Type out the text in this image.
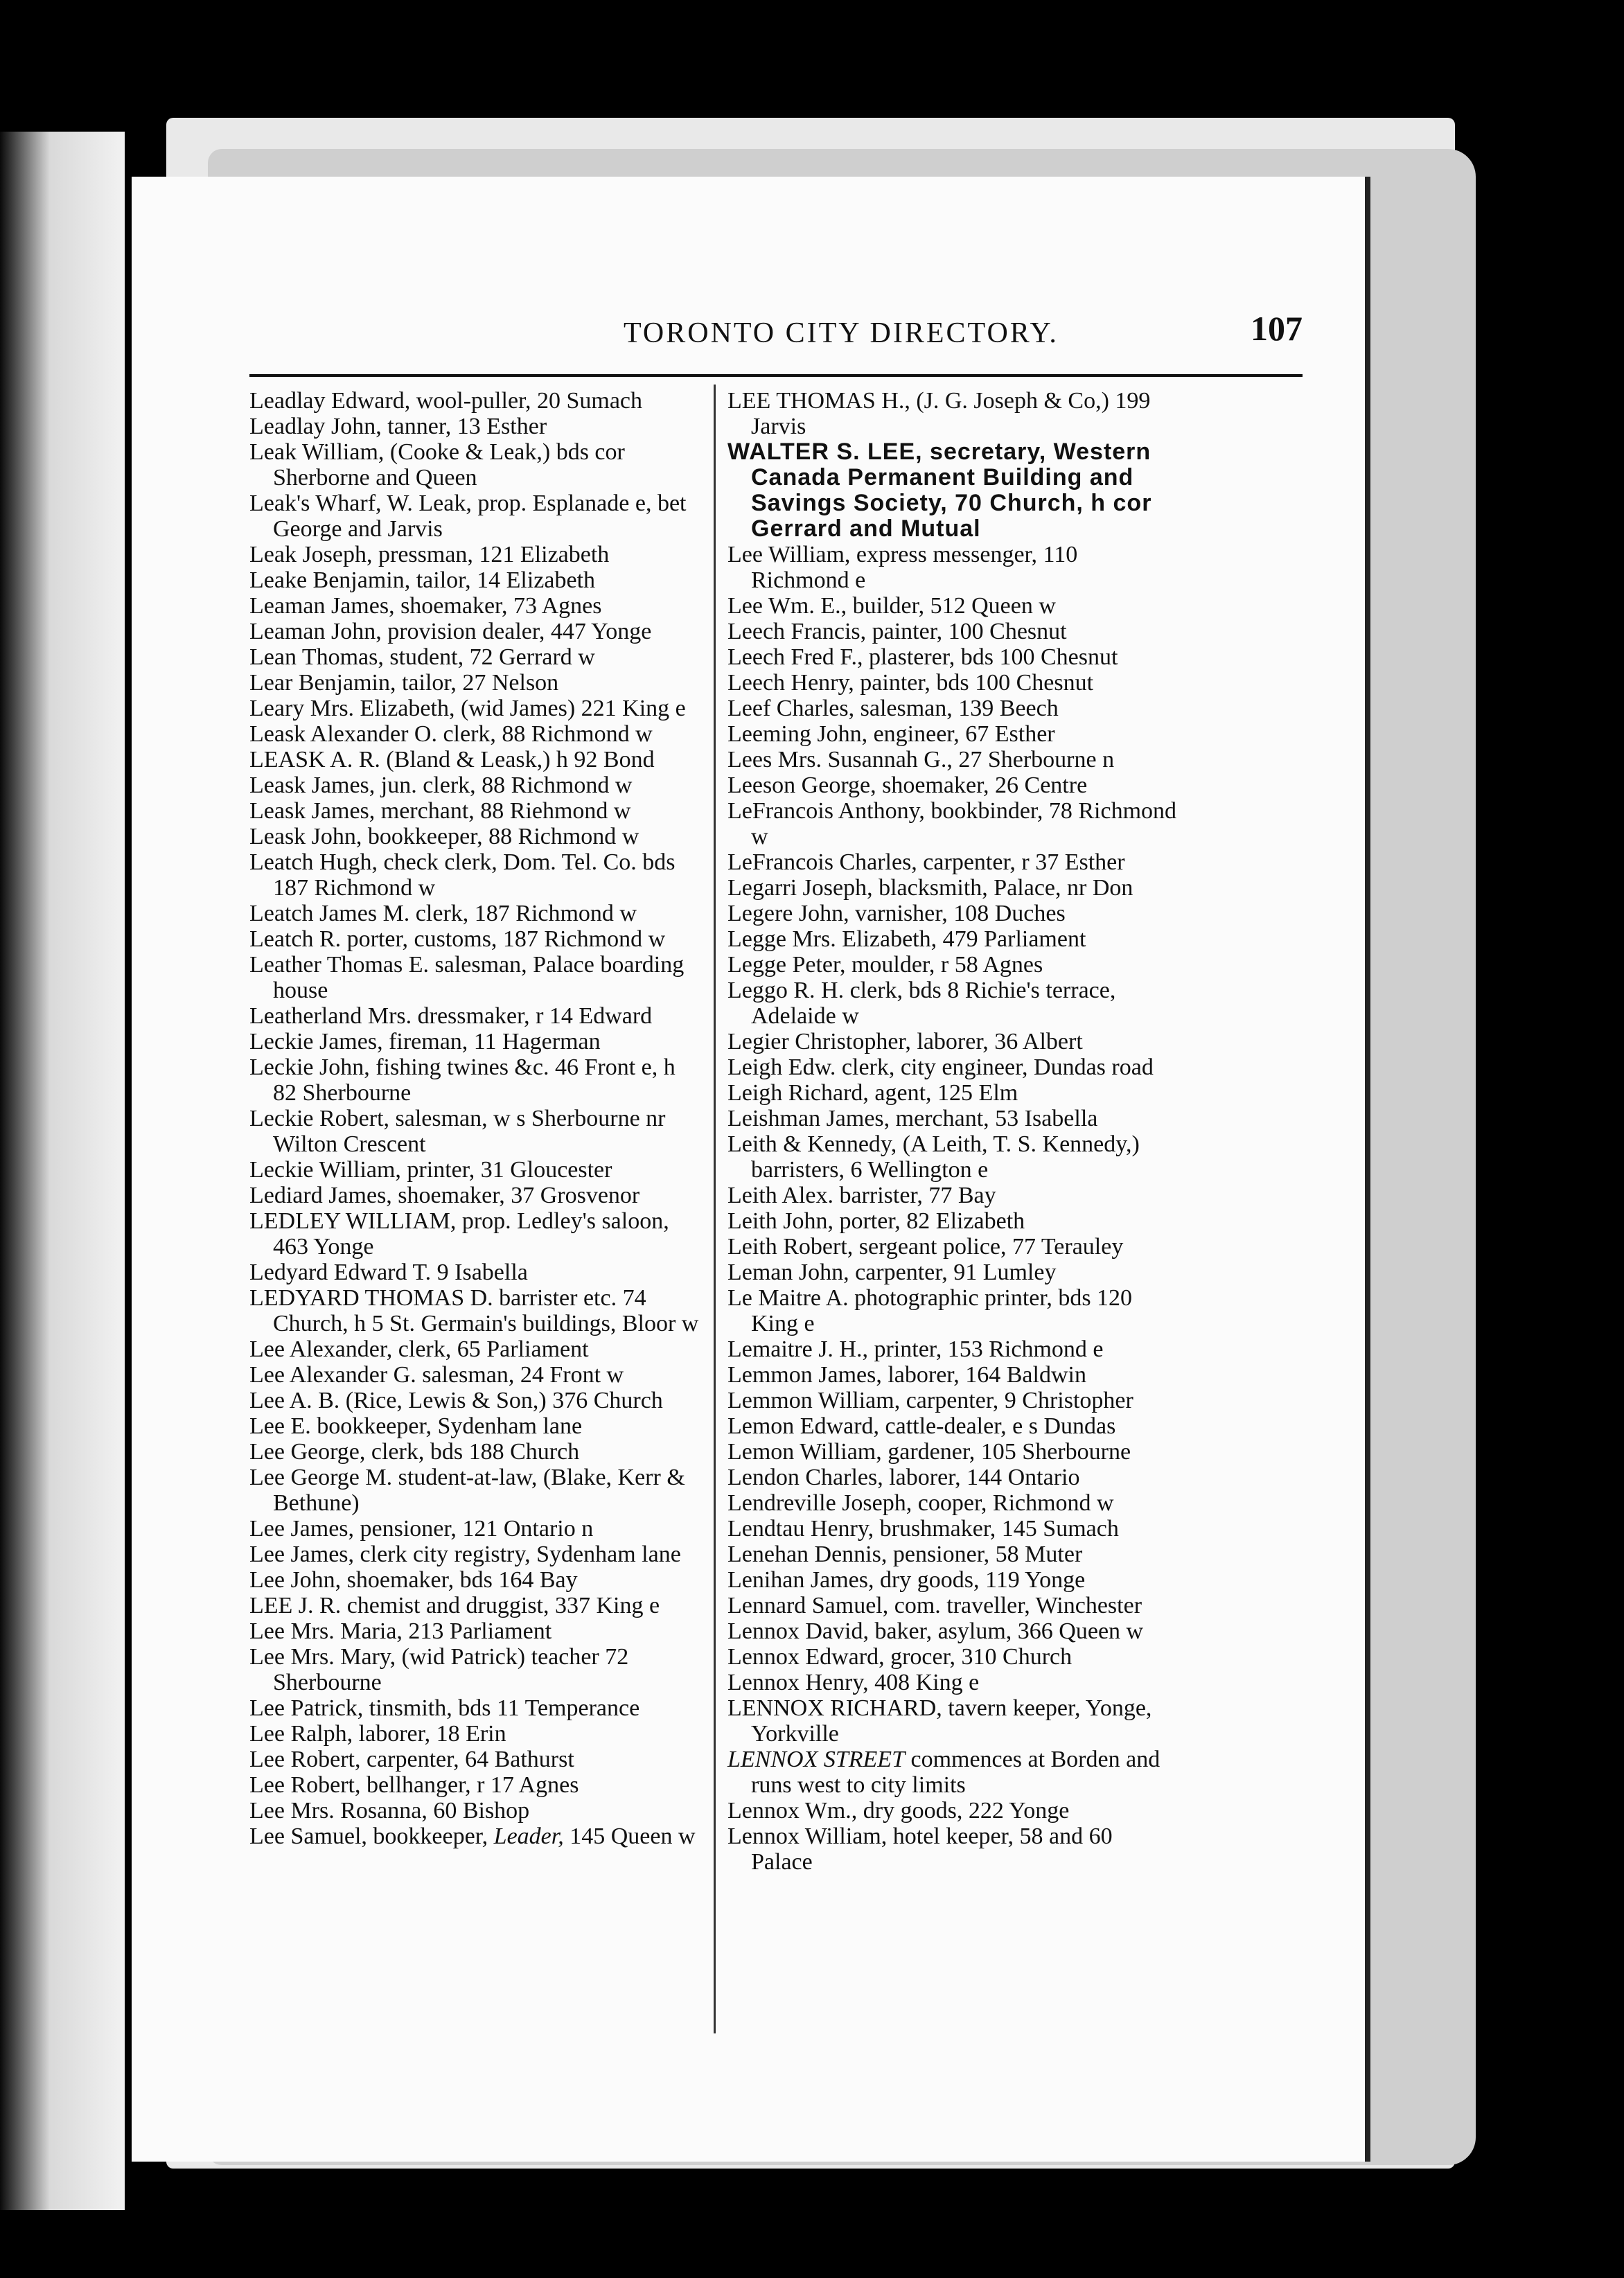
TORONTO CITY DIRECTORY.	107

Leadlay Edward, wool-puller, 20 Sumach

Leadlay John, tanner, 13 Esther

Leak William, (Cooke & Leak,) bds cor Sherborne and Queen

Leak's Wharf, W. Leak, prop. Esplanade e, bet George and Jarvis

Leak Joseph, pressman, 121 Elizabeth

Leake Benjamin, tailor, 14 Elizabeth

Leaman James, shoemaker, 73 Agnes

Leaman John, provision dealer, 447 Yonge

Lean Thomas, student, 72 Gerrard w

Lear Benjamin, tailor, 27 Nelson

Leary Mrs. Elizabeth, (wid James) 221 King e

Leask Alexander O. clerk, 88 Richmond w

LEASK A. R. (Bland & Leask,) h 92 Bond

Leask James, jun. clerk, 88 Richmond w

Leask James, merchant, 88 Riehmond w

Leask John, bookkeeper, 88 Richmond w

Leatch Hugh, check clerk, Dom. Tel. Co. bds 187 Richmond w

Leatch James M. clerk, 187 Richmond w

Leatch R. porter, customs, 187 Richmond w

Leather Thomas E. salesman, Palace boarding house

Leatherland Mrs. dressmaker, r 14 Edward

Leckie James, fireman, 11 Hagerman

Leckie John, fishing twines &c. 46 Front e, h 82 Sherbourne

Leckie Robert, salesman, w s Sherbourne nr Wilton Crescent

Leckie William, printer, 31 Gloucester

Lediard James, shoemaker, 37 Grosvenor

LEDLEY WILLIAM, prop. Ledley's saloon, 463 Yonge

Ledyard Edward T. 9 Isabella

LEDYARD THOMAS D. barrister etc. 74 Church, h 5 St. Germain's buildings, Bloor w

Lee Alexander, clerk, 65 Parliament

Lee Alexander G. salesman, 24 Front w

Lee A. B. (Rice, Lewis & Son,) 376 Church

Lee E. bookkeeper, Sydenham lane

Lee George, clerk, bds 188 Church

Lee George M. student-at-law, (Blake, Kerr & Bethune)

Lee James, pensioner, 121 Ontario n

Lee James, clerk city registry, Sydenham lane

Lee John, shoemaker, bds 164 Bay

LEE J. R. chemist and druggist, 337 King e

Lee Mrs. Maria, 213 Parliament

Lee Mrs. Mary, (wid Patrick) teacher 72 Sherbourne

Lee Patrick, tinsmith, bds 11 Temperance

Lee Ralph, laborer, 18 Erin

Lee Robert, carpenter, 64 Bathurst

Lee Robert, bellhanger, r 17 Agnes

Lee Mrs. Rosanna, 60 Bishop

Lee Samuel, bookkeeper, Leader, 145 Queen w

LEE THOMAS H., (J. G. Joseph & Co,) 199 Jarvis

WALTER S. LEE, secretary, Western Canada Permanent Building and Savings Society, 70 Church, h cor Gerrard and Mutual

Lee William, express messenger, 110 Richmond e

Lee Wm. E., builder, 512 Queen w

Leech Francis, painter, 100 Chesnut

Leech Fred F., plasterer, bds 100 Chesnut

Leech Henry, painter, bds 100 Chesnut

Leef Charles, salesman, 139 Beech

Leeming John, engineer, 67 Esther

Lees Mrs. Susannah G., 27 Sherbourne n

Leeson George, shoemaker, 26 Centre

LeFrancois Anthony, bookbinder, 78 Richmond w

LeFrancois Charles, carpenter, r 37 Esther

Legarri Joseph, blacksmith, Palace, nr Don

Legere John, varnisher, 108 Duches

Legge Mrs. Elizabeth, 479 Parliament

Legge Peter, moulder, r 58 Agnes

Leggo R. H. clerk, bds 8 Richie's terrace, Adelaide w

Legier Christopher, laborer, 36 Albert

Leigh Edw. clerk, city engineer, Dundas road

Leigh Richard, agent, 125 Elm

Leishman James, merchant, 53 Isabella

Leith & Kennedy, (A Leith, T. S. Kennedy,) barristers, 6 Wellington e

Leith Alex. barrister, 77 Bay

Leith John, porter, 82 Elizabeth

Leith Robert, sergeant police, 77 Terauley

Leman John, carpenter, 91 Lumley

Le Maitre A. photographic printer, bds 120 King e

Lemaitre J. H., printer, 153 Richmond e

Lemmon James, laborer, 164 Baldwin

Lemmon William, carpenter, 9 Christopher

Lemon Edward, cattle-dealer, e s Dundas

Lemon William, gardener, 105 Sherbourne

Lendon Charles, laborer, 144 Ontario

Lendreville Joseph, cooper, Richmond w

Lendtau Henry, brushmaker, 145 Sumach

Lenehan Dennis, pensioner, 58 Muter

Lenihan James, dry goods, 119 Yonge

Lennard Samuel, com. traveller, Winchester

Lennox David, baker, asylum, 366 Queen w

Lennox Edward, grocer, 310 Church

Lennox Henry, 408 King e

LENNOX RICHARD, tavern keeper, Yonge, Yorkville

LENNOX STREET commences at Borden and runs west to city limits

Lennox Wm., dry goods, 222 Yonge

Lennox William, hotel keeper, 58 and 60 Palace
